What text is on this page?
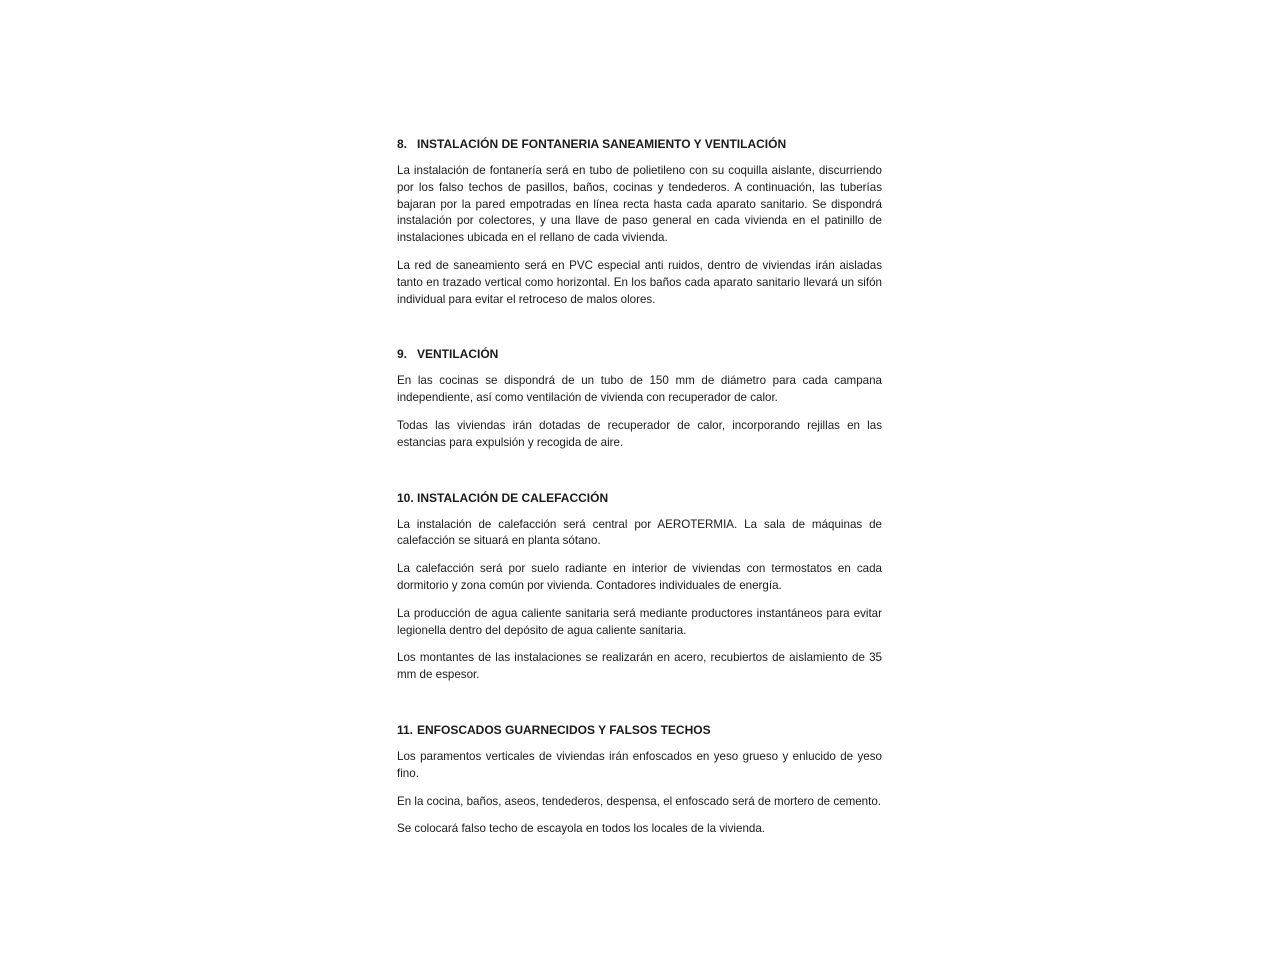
8. INSTALACIÓN DE FONTANERIA SANEAMIENTO Y VENTILACIÓN

La instalación de fontanería será en tubo de polietileno con su coquilla aislante, discurriendo por los falso techos de pasillos, baños, cocinas y tendederos. A continuación, las tuberías bajaran por la pared empotradas en línea recta hasta cada aparato sanitario. Se dispondrá instalación por colectores, y una llave de paso general en cada vivienda en el patinillo de instalaciones ubicada en el rellano de cada vivienda.

La red de saneamiento será en PVC especial anti ruidos, dentro de viviendas irán aisladas tanto en trazado vertical como horizontal. En los baños cada aparato sanitario llevará un sifón individual para evitar el retroceso de malos olores.

9. VENTILACIÓN

En las cocinas se dispondrá de un tubo de 150 mm de diámetro para cada campana independiente, así como ventilación de vivienda con recuperador de calor.

Todas las viviendas irán dotadas de recuperador de calor, incorporando rejillas en las estancias para expulsión y recogida de aire.

10. INSTALACIÓN DE CALEFACCIÓN

La instalación de calefacción será central por AEROTERMIA. La sala de máquinas de calefacción se situará en planta sótano.

La calefacción será por suelo radiante en interior de viviendas con termostatos en cada dormitorio y zona común por vivienda. Contadores individuales de energía.

La producción de agua caliente sanitaria será mediante productores instantáneos para evitar legionella dentro del depósito de agua caliente sanitaria.

Los montantes de las instalaciones se realizarán en acero, recubiertos de aislamiento de 35 mm de espesor.

11. ENFOSCADOS GUARNECIDOS Y FALSOS TECHOS

Los paramentos verticales de viviendas irán enfoscados en yeso grueso y enlucido de yeso fino.

En la cocina, baños, aseos, tendederos, despensa, el enfoscado será de mortero de cemento.

Se colocará falso techo de escayola en todos los locales de la vivienda.
